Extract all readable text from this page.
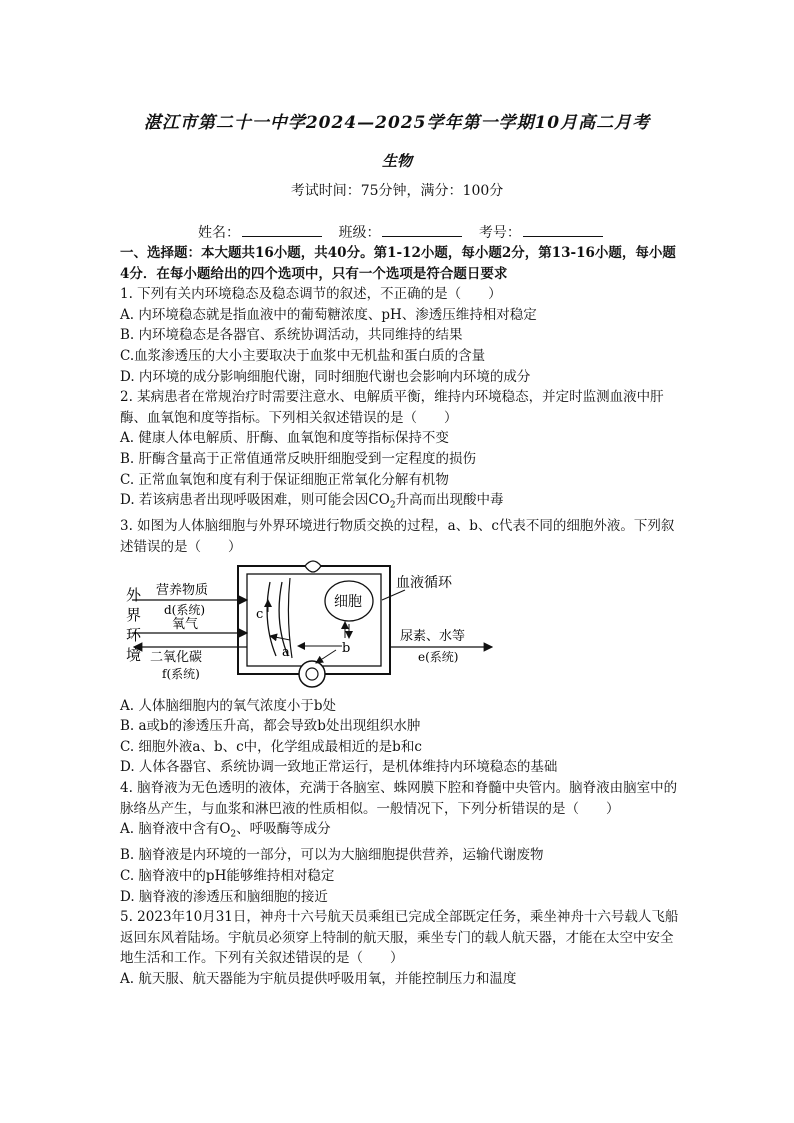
湛江市第二十一中学2024—2025学年第一学期10月高二月考
生物
考试时间：75分钟，满分：100分
姓名：	班级：	考号：

一、选择题：本大题共16小题，共40分。第1-12小题，每小题2分，第13-16小题，每小题4分．在每小题给出的四个选项中，只有一个选项是符合题日要求

1. 下列有关内环境稳态及稳态调节的叙述，不正确的是（　　）

A. 内环境稳态就是指血液中的葡萄糖浓度、pH、渗透压维持相对稳定

B. 内环境稳态是各器官、系统协调活动，共同维持的结果

C.血浆渗透压的大小主要取决于血浆中无机盐和蛋白质的含量

D. 内环境的成分影响细胞代谢，同时细胞代谢也会影响内环境的成分

2. 某病患者在常规治疗时需要注意水、电解质平衡，维持内环境稳态，并定时监测血液中肝酶、血氧饱和度等指标。下列相关叙述错误的是（　　）

A. 健康人体电解质、肝酶、血氧饱和度等指标保持不变

B. 肝酶含量高于正常值通常反映肝细胞受到一定程度的损伤

C. 正常血氧饱和度有利于保证细胞正常氧化分解有机物

D. 若该病患者出现呼吸困难，则可能会因$CO_2$升高而出现酸中毒

3. 如图为人体脑细胞与外界环境进行物质交换的过程，a、b、c代表不同的细胞外液。下列叙述错误的是（　　）

外
界
环
境
营养物质
d(系统)
氧气
二氧化碳
f(系统)
血液循环
细胞
尿素、水等
e(系统)
a	b
c

A. 人体脑细胞内的氧气浓度小于b处

B. a或b的渗透压升高，都会导致b处出现组织水肿

C. 细胞外液a、b、c中，化学组成最相近的是b和c

D. 人体各器官、系统协调一致地正常运行，是机体维持内环境稳态的基础

4. 脑脊液为无色透明的液体，充满于各脑室、蛛网膜下腔和脊髓中央管内。脑脊液由脑室中的脉络丛产生，与血浆和淋巴液的性质相似。一般情况下，下列分析错误的是（　　）

A. 脑脊液中含有$O_2$、呼吸酶等成分

B. 脑脊液是内环境的一部分，可以为大脑细胞提供营养，运输代谢废物

C. 脑脊液中的pH能够维持相对稳定

D. 脑脊液的渗透压和脑细胞的接近

5. 2023年10月31日，神舟十六号航天员乘组已完成全部既定任务，乘坐神舟十六号载人飞船返回东风着陆场。宇航员必须穿上特制的航天服，乘坐专门的载人航天器，才能在太空中安全地生活和工作。下列有关叙述错误的是（　　）

A. 航天服、航天器能为宇航员提供呼吸用氧，并能控制压力和温度
